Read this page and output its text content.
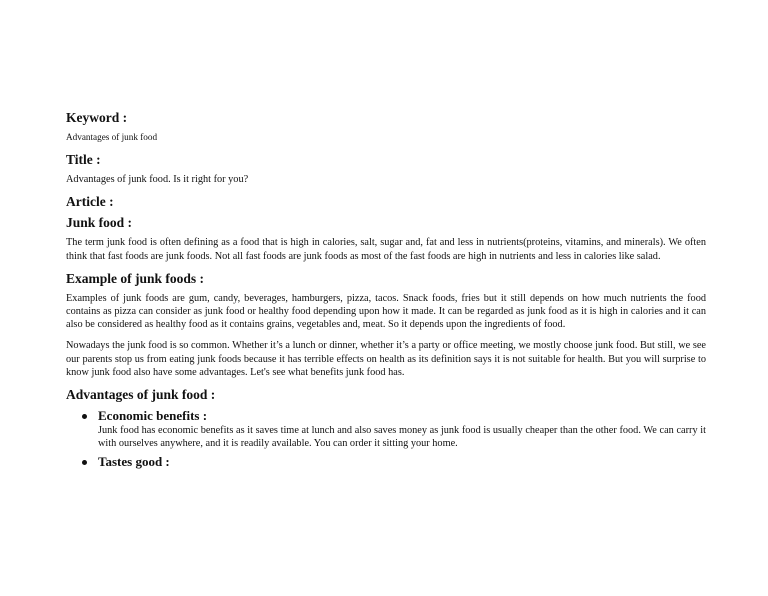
Keyword :

Advantages of junk food

Title :

Advantages of junk food. Is it right for you?

Article :
Junk food :

The term junk food is often defining as a food that is high in calories, salt, sugar and, fat and less in nutrients(proteins, vitamins, and minerals). We often think that fast foods are junk foods. Not all fast foods are junk foods as most of the fast foods are high in nutrients and less in calories like salad.

Example of junk foods :

Examples of junk foods are gum, candy, beverages, hamburgers, pizza, tacos. Snack foods, fries but it still depends on how much nutrients the food contains as pizza can consider as junk food or healthy food depending upon how it made. It can be regarded as junk food as it is high in calories and it can also be considered as healthy food as it contains grains, vegetables and, meat. So it depends upon the ingredients of food.

Nowadays the junk food is so common. Whether it’s a lunch or dinner, whether it’s a party or office meeting, we mostly choose junk food. But still, we see our parents stop us from eating junk foods because it has terrible effects on health as its definition says it is not suitable for health. But you will surprise to know junk food also have some advantages. Let's see what benefits junk food has.

Advantages of junk food :
Economic benefits :

Junk food has economic benefits as it saves time at lunch and also saves money as junk food is usually cheaper than the other food. We can carry it with ourselves anywhere, and it is readily available. You can order it sitting your home.

Tastes good :
